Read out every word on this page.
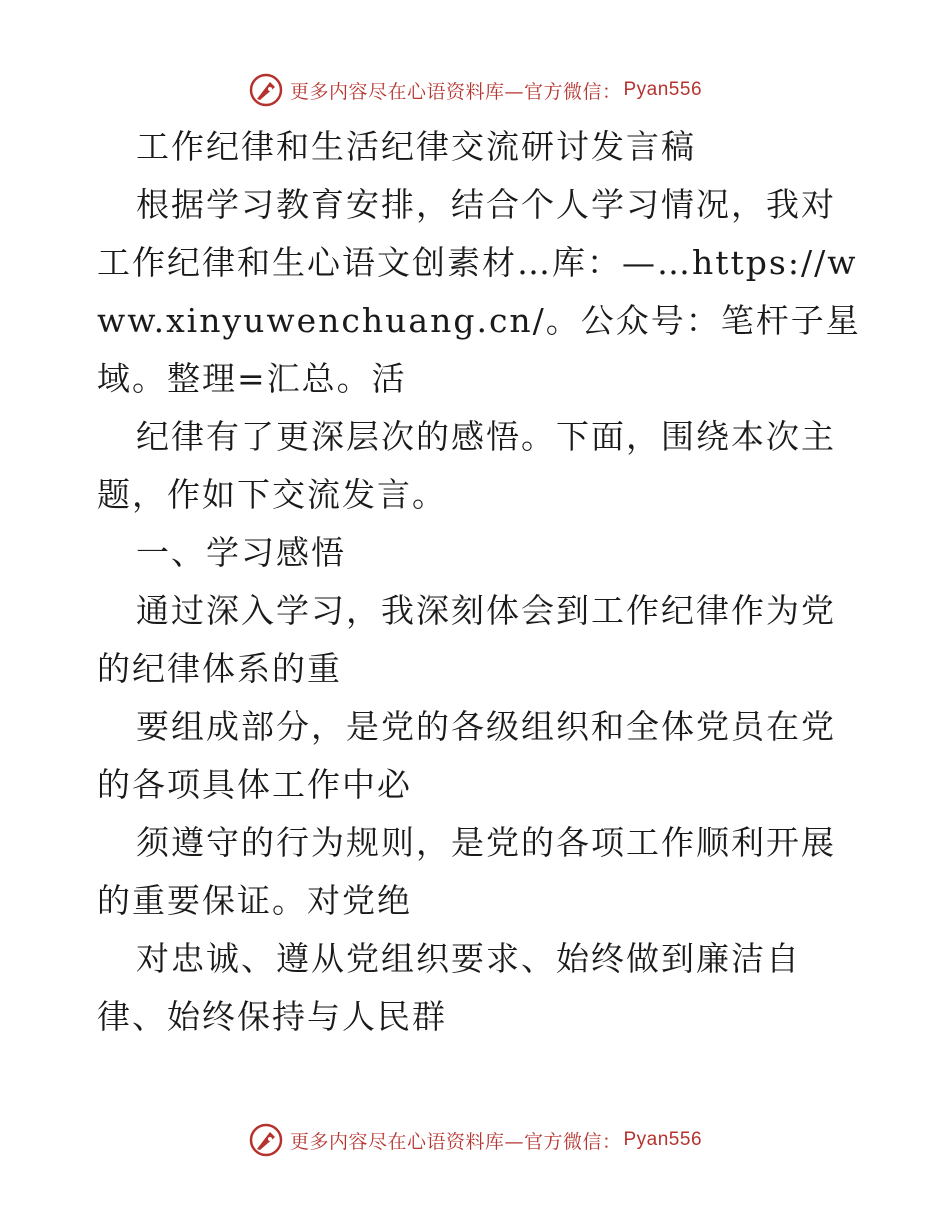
更多内容尽在心语资料库—官方微信： Pyan556

工作纪律和生活纪律交流研讨发言稿

根据学习教育安排，结合个人学习情况，我对工作纪律和生心语文创素材…库：—…https://www.xinyuwenchuang.cn/。公众号：笔杆子星域。整理=汇总。活

纪律有了更深层次的感悟。下面，围绕本次主题，作如下交流发言。

一、学习感悟

通过深入学习，我深刻体会到工作纪律作为党的纪律体系的重

要组成部分，是党的各级组织和全体党员在党的各项具体工作中必

须遵守的行为规则，是党的各项工作顺利开展的重要保证。对党绝

对忠诚、遵从党组织要求、始终做到廉洁自律、始终保持与人民群

更多内容尽在心语资料库—官方微信： Pyan556
